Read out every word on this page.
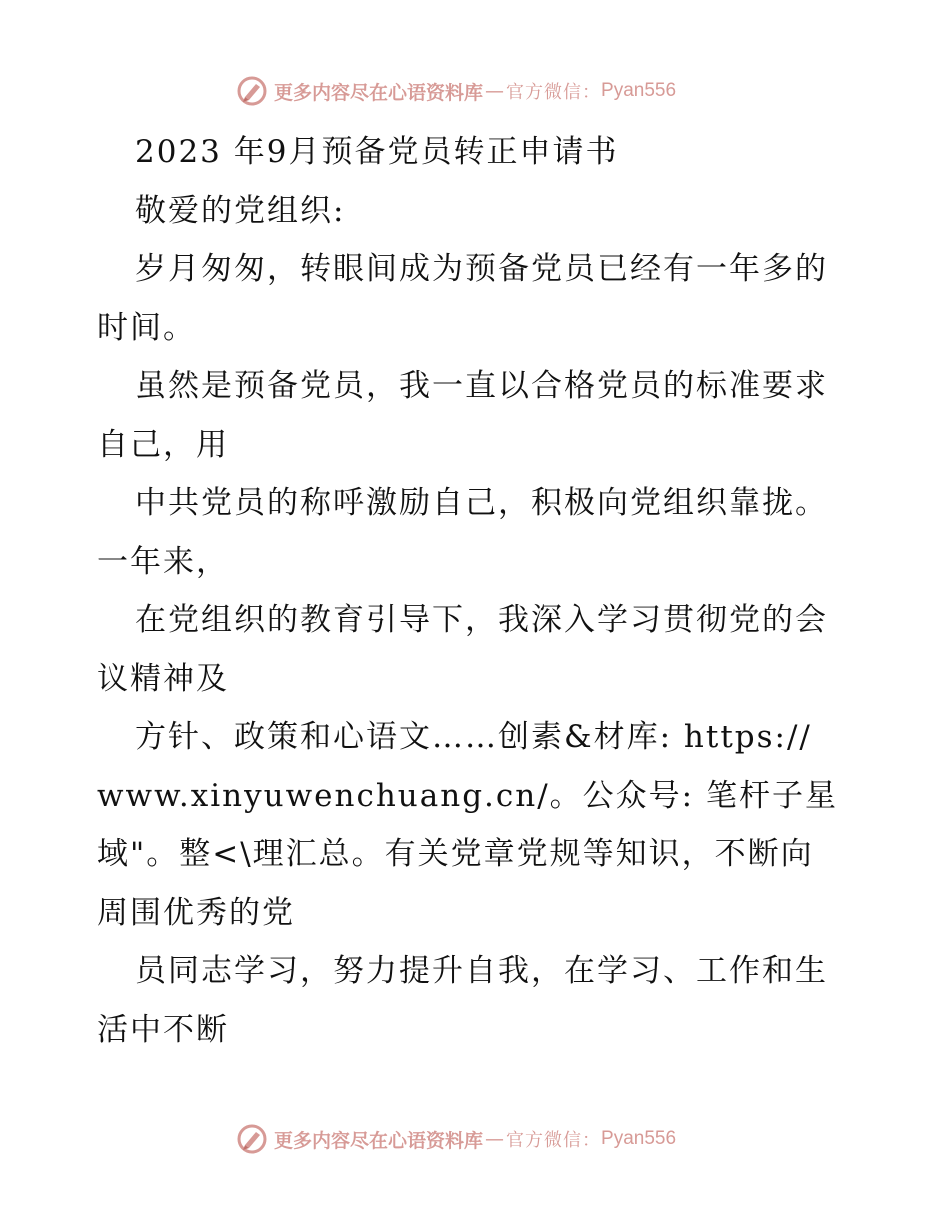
更多内容尽在心语资料库 — 官方微信： Pyan556
2023 年9月预备党员转正申请书
敬爱的党组织:
岁月匆匆，转眼间成为预备党员已经有一年多的
时间。
虽然是预备党员，我一直以合格党员的标准要求
自己，用
中共党员的称呼激励自己，积极向党组织靠拢。
一年来，
在党组织的教育引导下，我深入学习贯彻党的会
议精神及
方针、政策和心语文……创素&材库: https://
www.xinyuwenchuang.cn/。公众号: 笔杆子星
域"。整<\理汇总。有关党章党规等知识，不断向
周围优秀的党
员同志学习，努力提升自我，在学习、工作和生
活中不断
更多内容尽在心语资料库 — 官方微信： Pyan556
